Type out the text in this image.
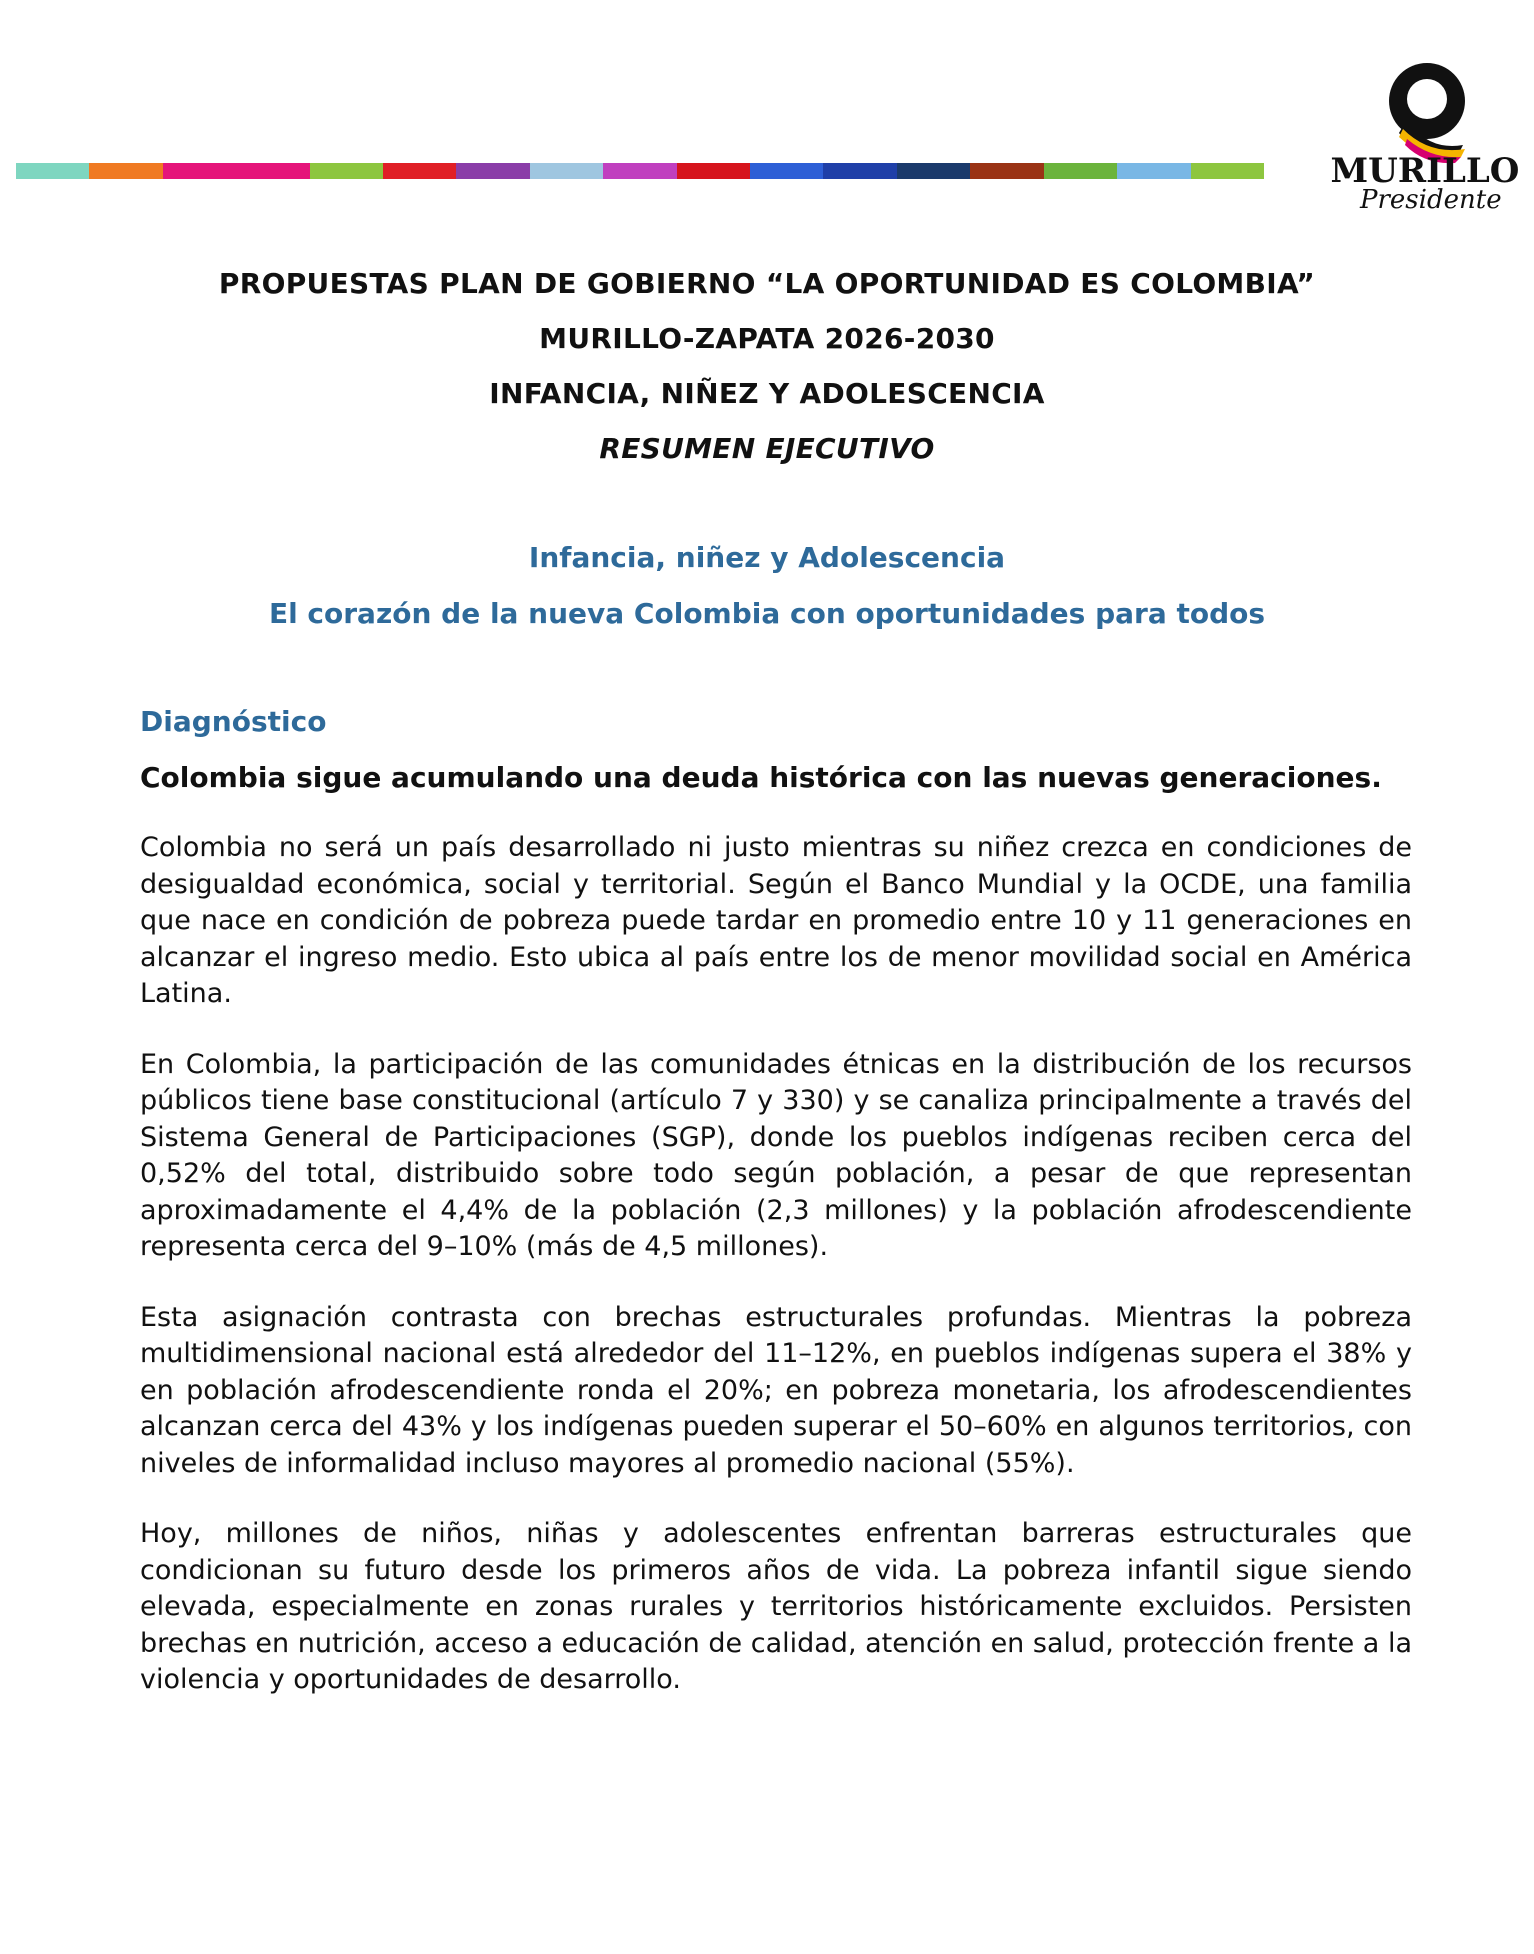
MURILLO
Presidente
PROPUESTAS PLAN DE GOBIERNO “LA OPORTUNIDAD ES COLOMBIA”
MURILLO-ZAPATA 2026-2030
INFANCIA, NIÑEZ Y ADOLESCENCIA
RESUMEN EJECUTIVO
Infancia, niñez y Adolescencia
El corazón de la nueva Colombia con oportunidades para todos
Diagnóstico
Colombia sigue acumulando una deuda histórica con las nuevas generaciones.

Colombia no será un país desarrollado ni justo mientras su niñez crezca en condiciones de desigualdad económica, social y territorial. Según el Banco Mundial y la OCDE, una familia que nace en condición de pobreza puede tardar en promedio entre 10 y 11 generaciones en alcanzar el ingreso medio. Esto ubica al país entre los de menor movilidad social en América Latina.

En Colombia, la participación de las comunidades étnicas en la distribución de los recursos públicos tiene base constitucional (artículo 7 y 330) y se canaliza principalmente a través del Sistema General de Participaciones (SGP), donde los pueblos indígenas reciben cerca del 0,52% del total, distribuido sobre todo según población, a pesar de que representan aproximadamente el 4,4% de la población (2,3 millones) y la población afrodescendiente representa cerca del 9–10% (más de 4,5 millones).

Esta asignación contrasta con brechas estructurales profundas. Mientras la pobreza multidimensional nacional está alrededor del 11–12%, en pueblos indígenas supera el 38% y en población afrodescendiente ronda el 20%; en pobreza monetaria, los afrodescendientes alcanzan cerca del 43% y los indígenas pueden superar el 50–60% en algunos territorios, con niveles de informalidad incluso mayores al promedio nacional (55%).

Hoy, millones de niños, niñas y adolescentes enfrentan barreras estructurales que condicionan su futuro desde los primeros años de vida. La pobreza infantil sigue siendo elevada, especialmente en zonas rurales y territorios históricamente excluidos. Persisten brechas en nutrición, acceso a educación de calidad, atención en salud, protección frente a la violencia y oportunidades de desarrollo.
